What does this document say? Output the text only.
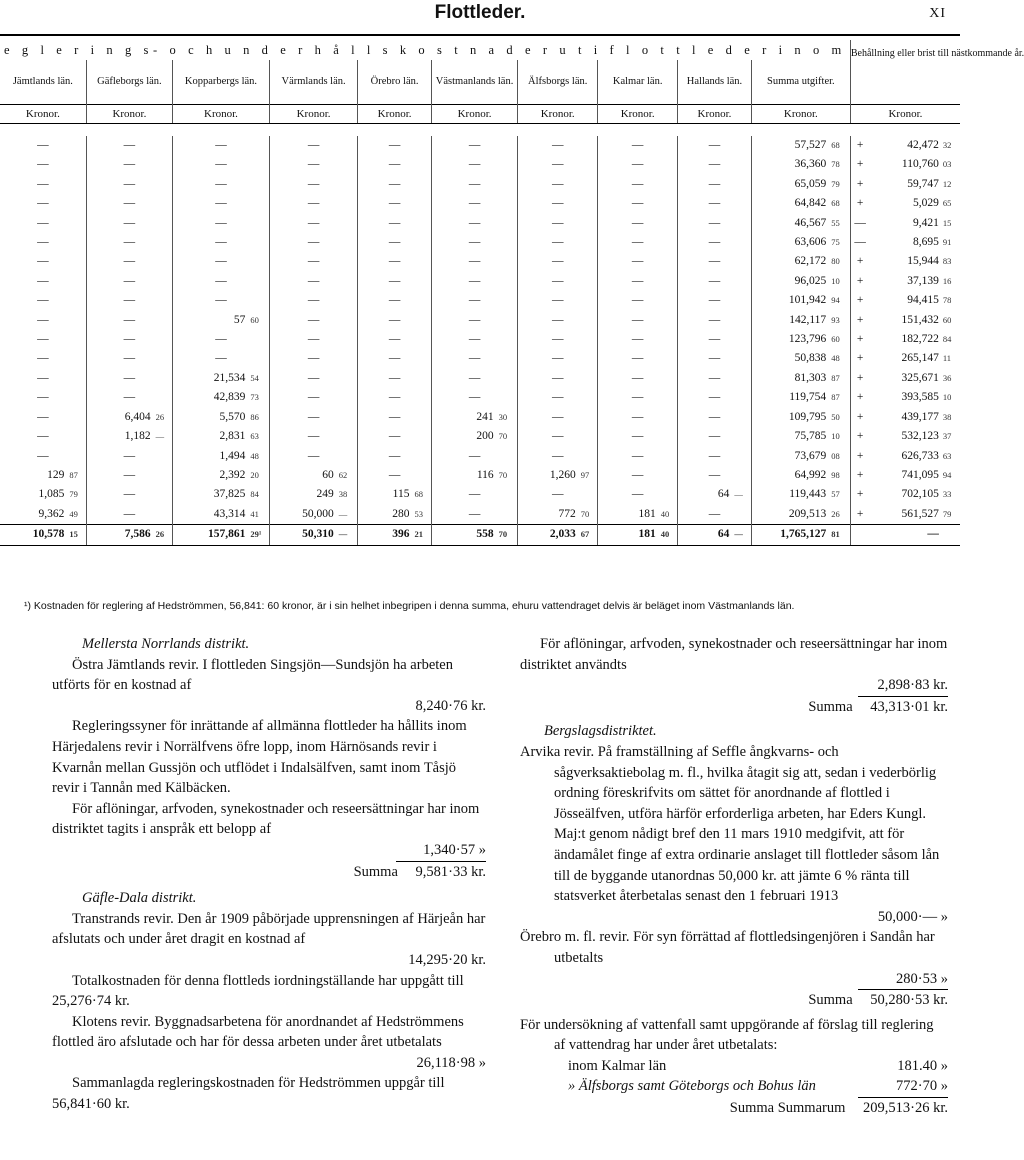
Flottleder.	XI
e g l e r i n g s- o c h u n d e r h å l l s k o s t n a d e r u t i f l o t t l e d e r i n o m																				Behållning eller brist till nästkommande år.		
Jämtlands län.		Gäfleborgs län.		Kopparbergs län.		Värmlands län.		Örebro län.		Västmanlands län.		Älfsborgs län.		Kalmar län.		Hallands län.		Summa utgifter.				
Kronor.		Kronor.		Kronor.		Kronor.		Kronor.		Kronor.		Kronor.		Kronor.		Kronor.		Kronor.		Kronor.		

—		—		—		—		—		—		—		—		—		57,527	68	+	42,472	32
—		—		—		—		—		—		—		—		—		36,360	78	+	110,760	03
—		—		—		—		—		—		—		—		—		65,059	79	+	59,747	12
—		—		—		—		—		—		—		—		—		64,842	68	+	5,029	65
—		—		—		—		—		—		—		—		—		46,567	55	—	9,421	15
—		—		—		—		—		—		—		—		—		63,606	75	—	8,695	91
—		—		—		—		—		—		—		—		—		62,172	80	+	15,944	83
—		—		—		—		—		—		—		—		—		96,025	10	+	37,139	16
—		—		—		—		—		—		—		—		—		101,942	94	+	94,415	78
—		—		57	60	—		—		—		—		—		—		142,117	93	+	151,432	60
—		—		—		—		—		—		—		—		—		123,796	60	+	182,722	84
—		—		—		—		—		—		—		—		—		50,838	48	+	265,147	11
—		—		21,534	54	—		—		—		—		—		—		81,303	87	+	325,671	36
—		—		42,839	73	—		—		—		—		—		—		119,754	87	+	393,585	10
—		6,404	26	5,570	86	—		—		241	30	—		—		—		109,795	50	+	439,177	38
—		1,182	—	2,831	63	—		—		200	70	—		—		—		75,785	10	+	532,123	37
—		—		1,494	48	—		—		—		—		—		—		73,679	08	+	626,733	63
129	87	—		2,392	20	60	62	—		116	70	1,260	97	—		—		64,992	98	+	741,095	94
1,085	79	—		37,825	84	249	38	115	68	—		—		—		64	—	119,443	57	+	702,105	33
9,362	49	—		43,314	41	50,000	—	280	53	—		772	70	181	40	—		209,513	26	+	561,527	79
10,578	15	7,586	26	157,861	29¹	50,310	—	396	21	558	70	2,033	67	181	40	64	—	1,765,127	81		—	
¹) Kostnaden för reglering af Hedströmmen, 56,841: 60 kronor, är i sin helhet inbegripen i denna summa, ehuru vattendraget delvis är beläget inom Västmanlands län.

Mellersta Norrlands distrikt.

Östra Jämtlands revir. I flottleden Singsjön—Sundsjön ha arbeten utförts för en kostnad af
8,240·76 kr.

Regleringssyner för inrättande af allmänna flottleder ha hållits inom Härjedalens revir i Norrälfvens öfre lopp, inom Härnösands revir i Kvarnån mellan Gussjön och utflödet i Indalsälfven, samt inom Tåsjö revir i Tannån med Kälbäcken.

För aflöningar, arfvoden, synekostnader och reseersättningar har inom distriktet tagits i anspråk ett belopp af

1,340·57 »
Summa 9,581·33 kr.

Gäfle-Dala distrikt.

Transtrands revir. Den år 1909 påbörjade upprensningen af Härjeån har afslutats och under året dragit en kostnad af

14,295·20 kr.

Totalkostnaden för denna flottleds iordningställande har uppgått till 25,276·74 kr.

Klotens revir. Byggnadsarbetena för anordnandet af Hedströmmens flottled äro afslutade och har för dessa arbeten under året utbetalats

26,118·98 »

Sammanlagda regleringskostnaden för Hedströmmen uppgår till 56,841·60 kr.

För aflöningar, arfvoden, synekostnader och reseersättningar har inom distriktet användts

2,898·83 kr.
Summa 43,313·01 kr.

Bergslagsdistriktet.

Arvika revir. På framställning af Seffle ångkvarns- och sågverksaktiebolag m. fl., hvilka åtagit sig att, sedan i vederbörlig ordning föreskrifvits om sättet för anordnande af flottled i Jösseälfven, utföra härför erforderliga arbeten, har Eders Kungl. Maj:t genom nådigt bref den 11 mars 1910 medgifvit, att för ändamålet finge af extra ordinarie anslaget till flottleder såsom lån till de byggande utanordnas 50,000 kr. att jämte 6 % ränta till statsverket återbetalas senast den 1 februari 1913

50,000·— »

Örebro m. fl. revir. För syn förrättad af flottledsingenjören i Sandån har utbetalts

280·53 »
Summa 50,280·53 kr.

För undersökning af vattenfall samt uppgörande af förslag till reglering af vattendrag har under året utbetalats:

inom Kalmar län	181.40 »
» Älfsborgs samt Göteborgs och Bohus län	772·70 »
Summa Summarum 209,513·26 kr.
